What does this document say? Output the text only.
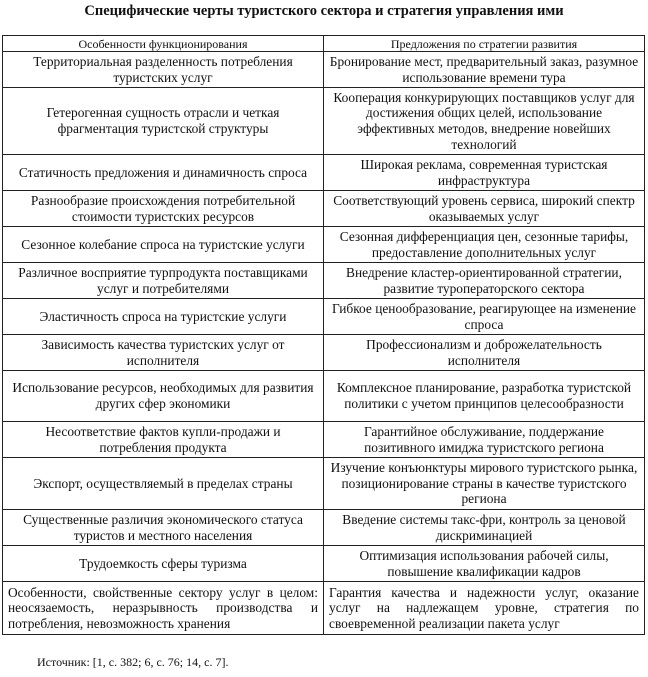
Специфические черты туристского сектора и стратегия управления ими
Особенности функционирования	Предложения по стратегии развития
Территориальная разделенность потребления туристских услуг	Бронирование мест, предварительный заказ, разумное использование времени тура
Гетерогенная сущность отрасли и четкая фрагментация туристской структуры	Кооперация конкурирующих поставщиков услуг для достижения общих целей, использование эффективных методов, внедрение новейших технологий
Статичность предложения и динамичность спроса	Широкая реклама, современная туристская инфраструктура
Разнообразие происхождения потребительной стоимости туристских ресурсов	Соответствующий уровень сервиса, широкий спектр оказываемых услуг
Сезонное колебание спроса на туристские услуги	Сезонная дифференциация цен, сезонные тарифы, предоставление дополнительных услуг
Различное восприятие турпродукта поставщиками услуг и потребителями	Внедрение кластер-ориентированной стратегии, развитие туроператорского сектора
Эластичность спроса на туристские услуги	Гибкое ценообразование, реагирующее на изменение спроса
Зависимость качества туристских услуг от исполнителя	Профессионализм и доброжелательность исполнителя
Использование ресурсов, необходимых для развития других сфер экономики	Комплексное планирование, разработка туристской политики с учетом принципов целесообразности
Несоответствие фактов купли-продажи и потребления продукта	Гарантийное обслуживание, поддержание позитивного имиджа туристского региона
Экспорт, осуществляемый в пределах страны	Изучение конъюнктуры мирового туристского рынка, позиционирование страны в качестве туристского региона
Существенные различия экономического статуса туристов и местного населения	Введение системы такс-фри, контроль за ценовой дискриминацией
Трудоемкость сферы туризма	Оптимизация использования рабочей силы, повышение квалификации кадров
Особенности, свойственные сектору услуг в целом: неосязаемость, неразрывность производства и потребления, невозможность хранения	Гарантия качества и надежности услуг, оказание услуг на надлежащем уровне, стратегия по своевременной реализации пакета услуг
Источник: [1, с. 382; 6, с. 76; 14, с. 7].
